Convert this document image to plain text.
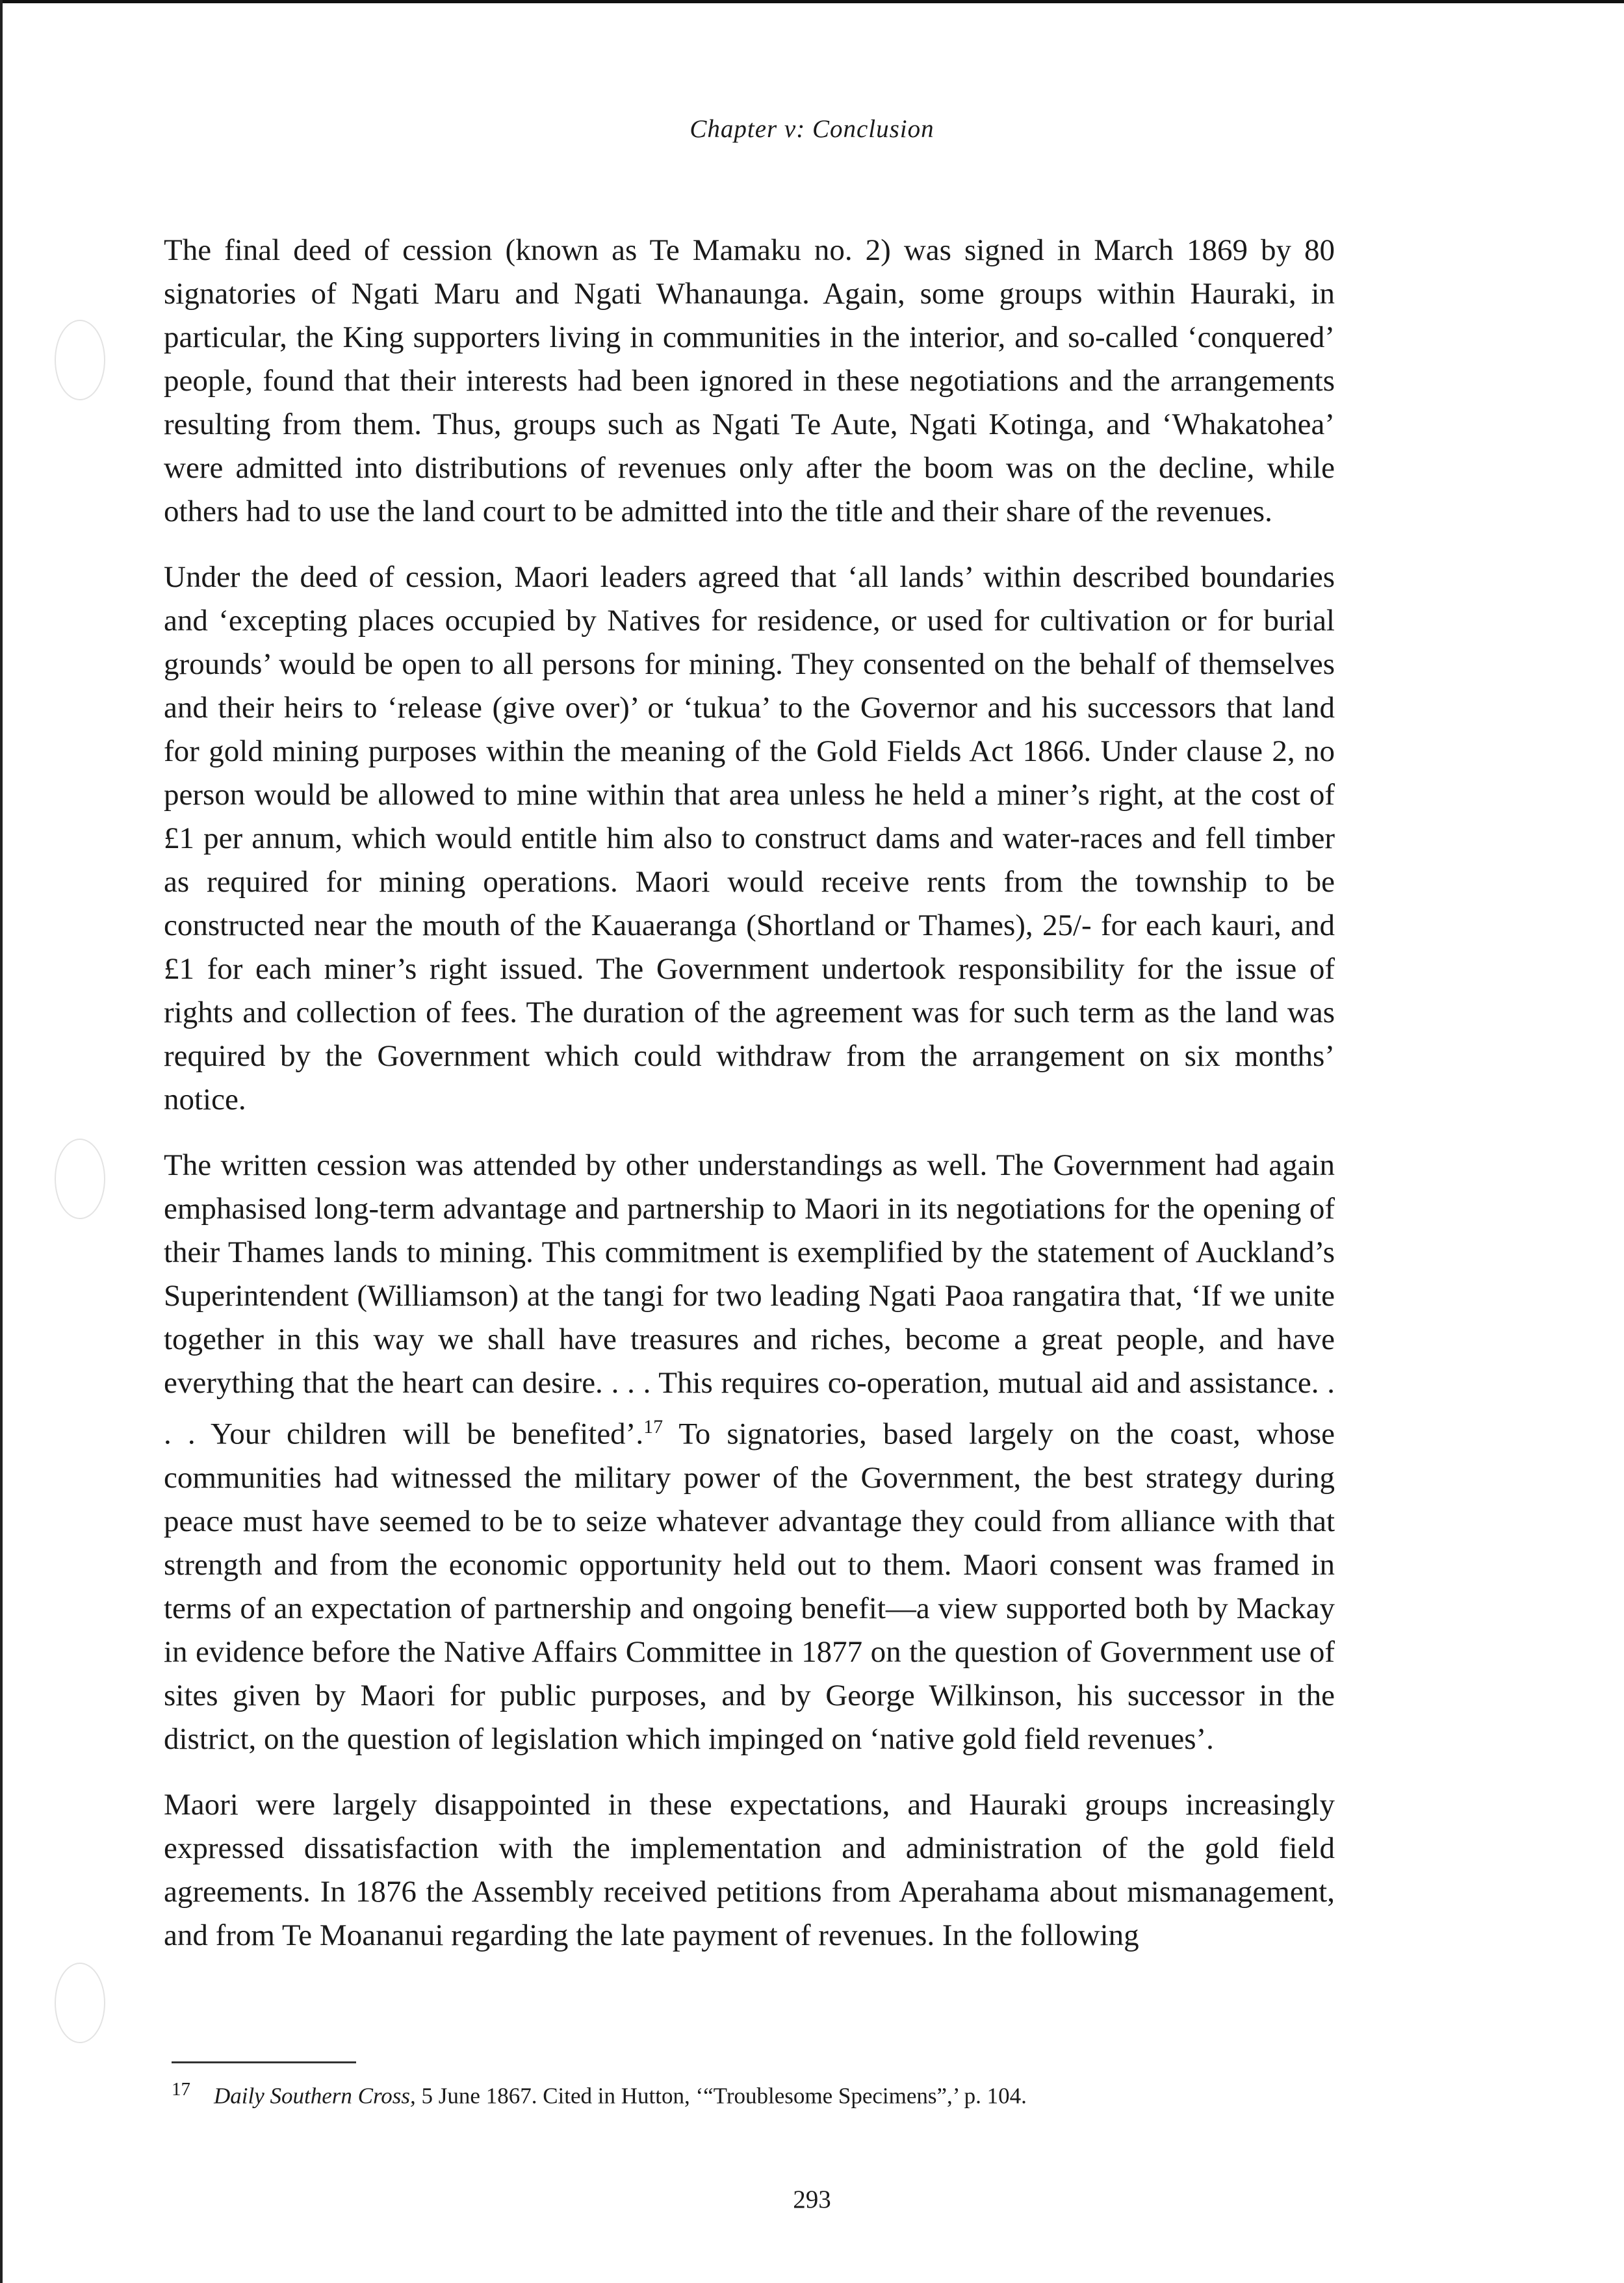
Chapter v: Conclusion

The final deed of cession (known as Te Mamaku no. 2) was signed in March 1869 by 80 signatories of Ngati Maru and Ngati Whanaunga. Again, some groups within Hauraki, in particular, the King supporters living in communities in the interior, and so-called ‘conquered’ people, found that their interests had been ignored in these negotiations and the arrangements resulting from them. Thus, groups such as Ngati Te Aute, Ngati Kotinga, and ‘Whakatohea’ were admitted into distributions of revenues only after the boom was on the decline, while others had to use the land court to be admitted into the title and their share of the revenues.

Under the deed of cession, Maori leaders agreed that ‘all lands’ within described boundaries and ‘excepting places occupied by Natives for residence, or used for cultivation or for burial grounds’ would be open to all persons for mining. They consented on the behalf of themselves and their heirs to ‘release (give over)’ or ‘tukua’ to the Governor and his successors that land for gold mining purposes within the meaning of the Gold Fields Act 1866. Under clause 2, no person would be allowed to mine within that area unless he held a miner’s right, at the cost of £1 per annum, which would entitle him also to construct dams and water-races and fell timber as required for mining operations. Maori would receive rents from the township to be constructed near the mouth of the Kauaeranga (Shortland or Thames), 25/- for each kauri, and £1 for each miner’s right issued. The Government undertook responsibility for the issue of rights and collection of fees. The duration of the agreement was for such term as the land was required by the Government which could withdraw from the arrangement on six months’ notice.

The written cession was attended by other understandings as well. The Government had again emphasised long-term advantage and partnership to Maori in its negotiations for the opening of their Thames lands to mining. This commitment is exemplified by the statement of Auckland’s Superintendent (Williamson) at the tangi for two leading Ngati Paoa rangatira that, ‘If we unite together in this way we shall have treasures and riches, become a great people, and have everything that the heart can desire. . . . This requires co-operation, mutual aid and assistance. . . . Your children will be benefited’.$^{17}$ To signatories, based largely on the coast, whose communities had witnessed the military power of the Government, the best strategy during peace must have seemed to be to seize whatever advantage they could from alliance with that strength and from the economic opportunity held out to them. Maori consent was framed in terms of an expectation of partnership and ongoing benefit—a view supported both by Mackay in evidence before the Native Affairs Committee in 1877 on the question of Government use of sites given by Maori for public purposes, and by George Wilkinson, his successor in the district, on the question of legislation which impinged on ‘native gold field revenues’.

Maori were largely disappointed in these expectations, and Hauraki groups increasingly expressed dissatisfaction with the implementation and administration of the gold field agreements. In 1876 the Assembly received petitions from Aperahama about mismanagement, and from Te Moananui regarding the late payment of revenues. In the following

$^{17}$ Daily Southern Cross, 5 June 1867. Cited in Hutton, ‘“Troublesome Specimens”,’ p. 104.
293
